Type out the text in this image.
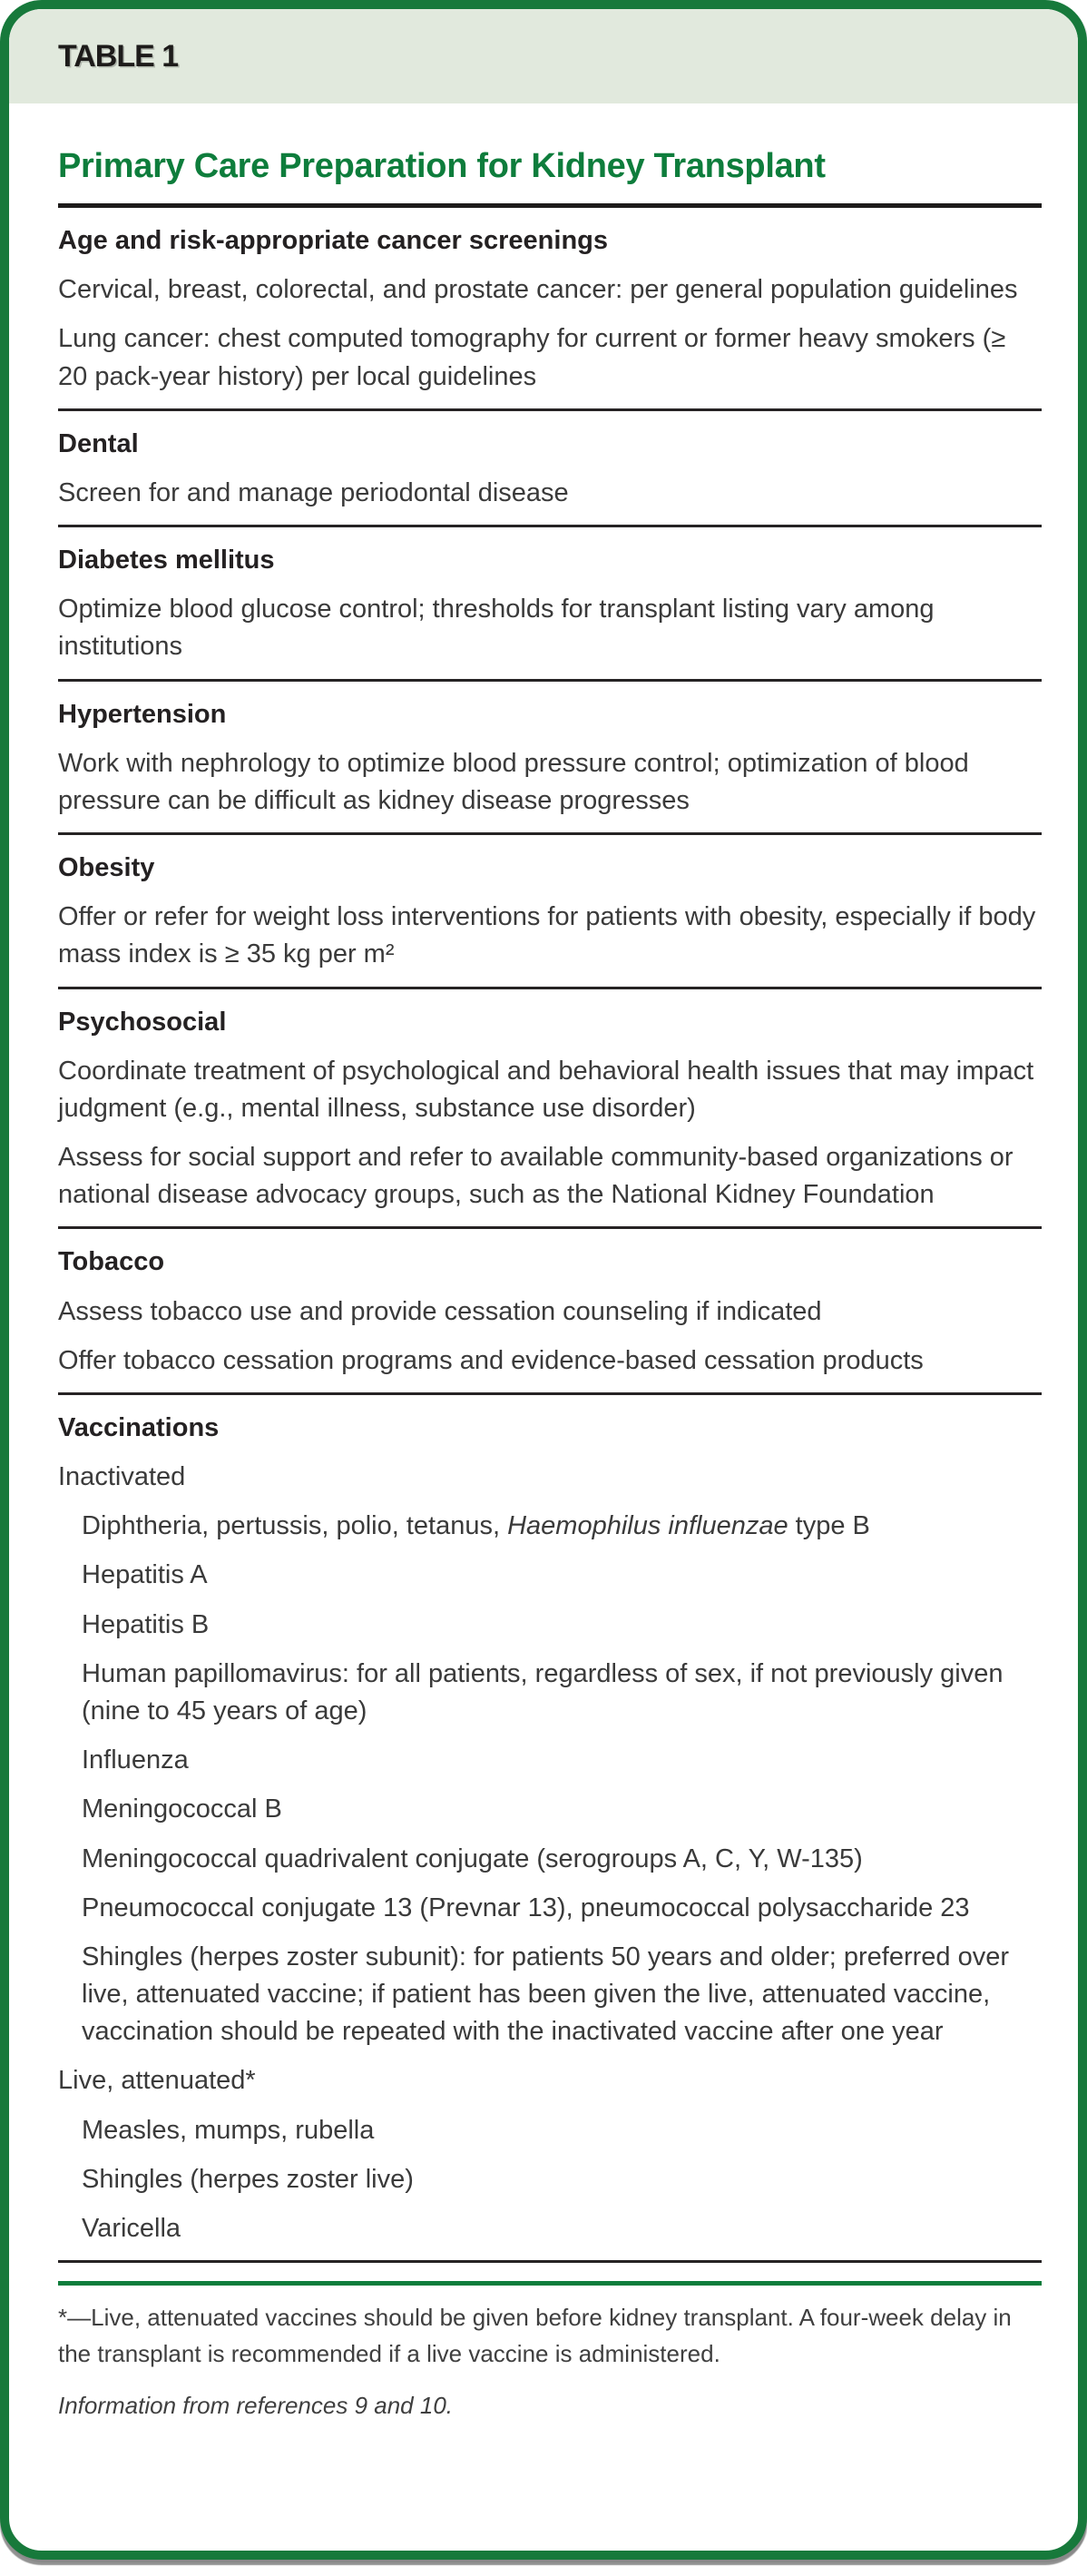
TABLE 1
Primary Care Preparation for Kidney Transplant
Age and risk-appropriate cancer screenings
Cervical, breast, colorectal, and prostate cancer: per general population guidelines
Lung cancer: chest computed tomography for current or former heavy smokers (≥ 20 pack-year history) per local guidelines
Dental
Screen for and manage periodontal disease
Diabetes mellitus
Optimize blood glucose control; thresholds for transplant listing vary among institutions
Hypertension
Work with nephrology to optimize blood pressure control; optimization of blood pressure can be difficult as kidney disease progresses
Obesity
Offer or refer for weight loss interventions for patients with obesity, especially if body mass index is ≥ 35 kg per m²
Psychosocial
Coordinate treatment of psychological and behavioral health issues that may impact judgment (e.g., mental illness, substance use disorder)
Assess for social support and refer to available community-based organizations or national disease advocacy groups, such as the National Kidney Foundation
Tobacco
Assess tobacco use and provide cessation counseling if indicated
Offer tobacco cessation programs and evidence-based cessation products
Vaccinations
Inactivated
Diphtheria, pertussis, polio, tetanus, Haemophilus influenzae type B
Hepatitis A
Hepatitis B
Human papillomavirus: for all patients, regardless of sex, if not previously given (nine to 45 years of age)
Influenza
Meningococcal B
Meningococcal quadrivalent conjugate (serogroups A, C, Y, W-135)
Pneumococcal conjugate 13 (Prevnar 13), pneumococcal polysaccharide 23
Shingles (herpes zoster subunit): for patients 50 years and older; preferred over live, attenuated vaccine; if patient has been given the live, attenuated vaccine, vaccination should be repeated with the inactivated vaccine after one year
Live, attenuated*
Measles, mumps, rubella
Shingles (herpes zoster live)
Varicella
*—Live, attenuated vaccines should be given before kidney transplant. A four-week delay in the transplant is recommended if a live vaccine is administered.
Information from references 9 and 10.
